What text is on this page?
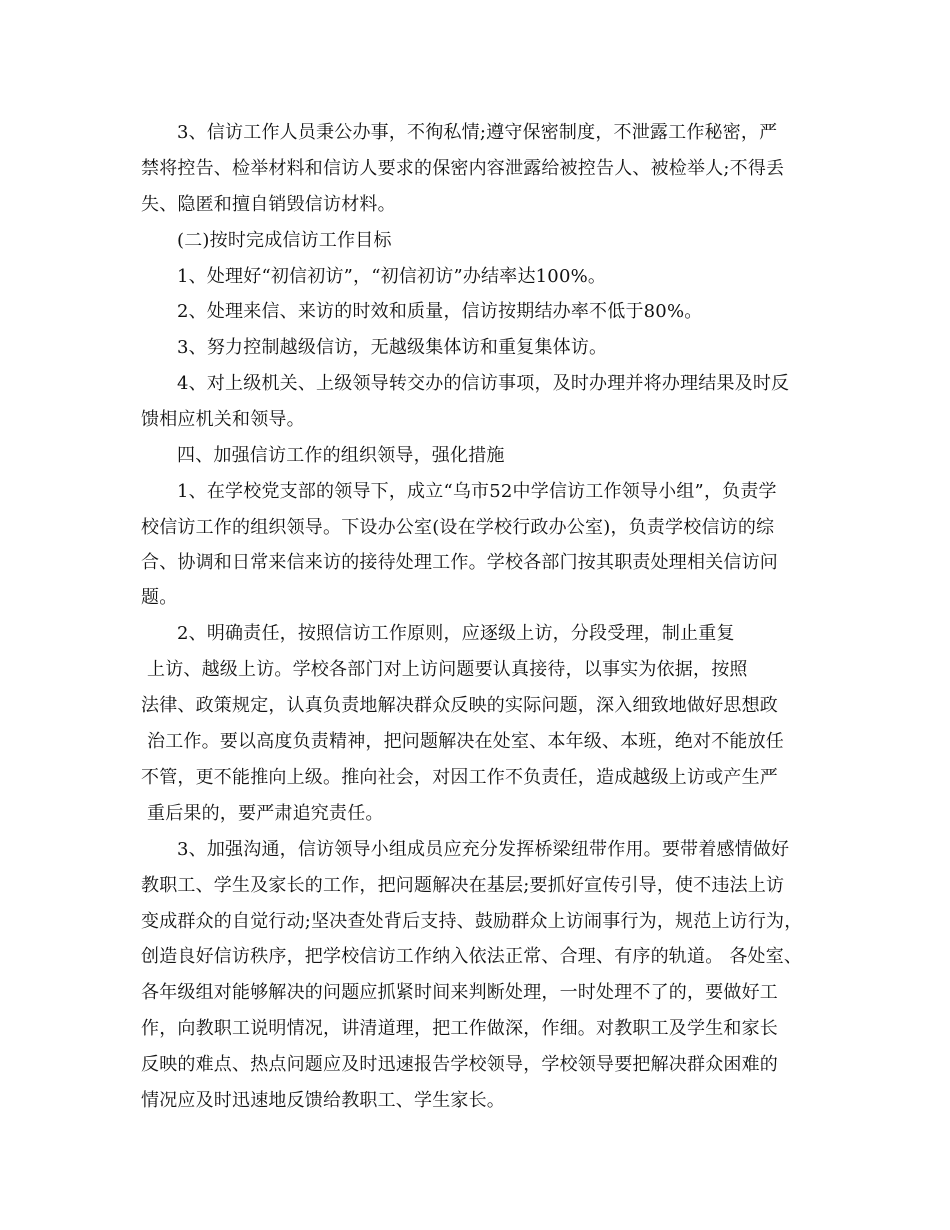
3、信访工作人员秉公办事，不徇私情;遵守保密制度，不泄露工作秘密，严
禁将控告、检举材料和信访人要求的保密内容泄露给被控告人、被检举人;不得丢
失、隐匿和擅自销毁信访材料。
(二)按时完成信访工作目标
1、处理好“初信初访”，“初信初访”办结率达100%。
2、处理来信、来访的时效和质量，信访按期结办率不低于80%。
3、努力控制越级信访，无越级集体访和重复集体访。
4、对上级机关、上级领导转交办的信访事项，及时办理并将办理结果及时反
馈相应机关和领导。
四、加强信访工作的组织领导，强化措施
1、在学校党支部的领导下，成立“乌市52中学信访工作领导小组”，负责学
校信访工作的组织领导。下设办公室(设在学校行政办公室)，负责学校信访的综
合、协调和日常来信来访的接待处理工作。学校各部门按其职责处理相关信访问
题。
2、明确责任，按照信访工作原则，应逐级上访，分段受理，制止重复
上访、越级上访。学校各部门对上访问题要认真接待，以事实为依据，按照
法律、政策规定，认真负责地解决群众反映的实际问题，深入细致地做好思想政
治工作。要以高度负责精神，把问题解决在处室、本年级、本班，绝对不能放任
不管，更不能推向上级。推向社会，对因工作不负责任，造成越级上访或产生严
重后果的，要严肃追究责任。
3、加强沟通，信访领导小组成员应充分发挥桥梁纽带作用。要带着感情做好
教职工、学生及家长的工作，把问题解决在基层;要抓好宣传引导，使不违法上访
变成群众的自觉行动;坚决查处背后支持、鼓励群众上访闹事行为，规范上访行为，
创造良好信访秩序，把学校信访工作纳入依法正常、合理、有序的轨道。 各处室、
各年级组对能够解决的问题应抓紧时间来判断处理，一时处理不了的，要做好工
作，向教职工说明情况，讲清道理，把工作做深，作细。对教职工及学生和家长
反映的难点、热点问题应及时迅速报告学校领导，学校领导要把解决群众困难的
情况应及时迅速地反馈给教职工、学生家长。
